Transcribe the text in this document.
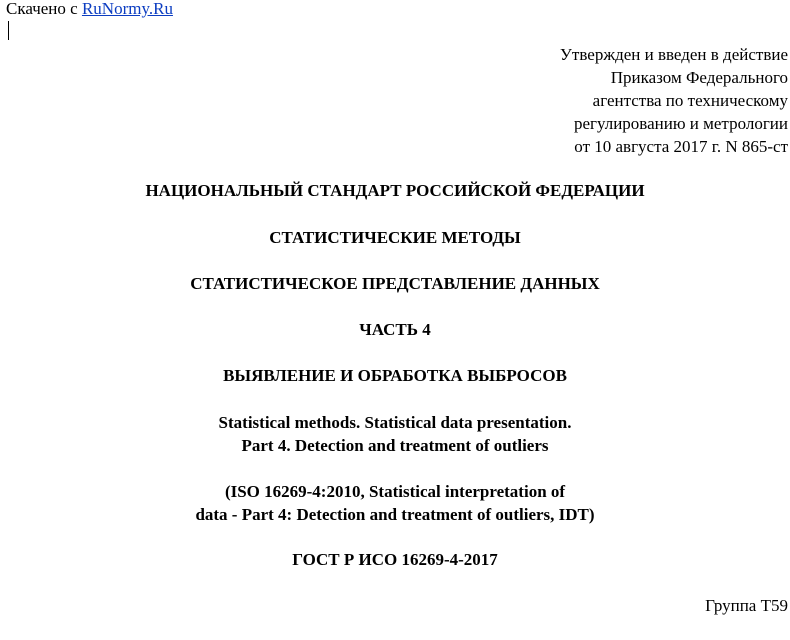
Скачено с RuNormy.Ru
Утвержден и введен в действие
Приказом Федерального
агентства по техническому
регулированию и метрологии
от 10 августа 2017 г. N 865-ст
НАЦИОНАЛЬНЫЙ СТАНДАРТ РОССИЙСКОЙ ФЕДЕРАЦИИ
СТАТИСТИЧЕСКИЕ МЕТОДЫ
СТАТИСТИЧЕСКОЕ ПРЕДСТАВЛЕНИЕ ДАННЫХ
ЧАСТЬ 4
ВЫЯВЛЕНИЕ И ОБРАБОТКА ВЫБРОСОВ
Statistical methods. Statistical data presentation.
Part 4. Detection and treatment of outliers
(ISO 16269-4:2010, Statistical interpretation of
data - Part 4: Detection and treatment of outliers, IDT)
ГОСТ Р ИСО 16269-4-2017
Группа Т59
